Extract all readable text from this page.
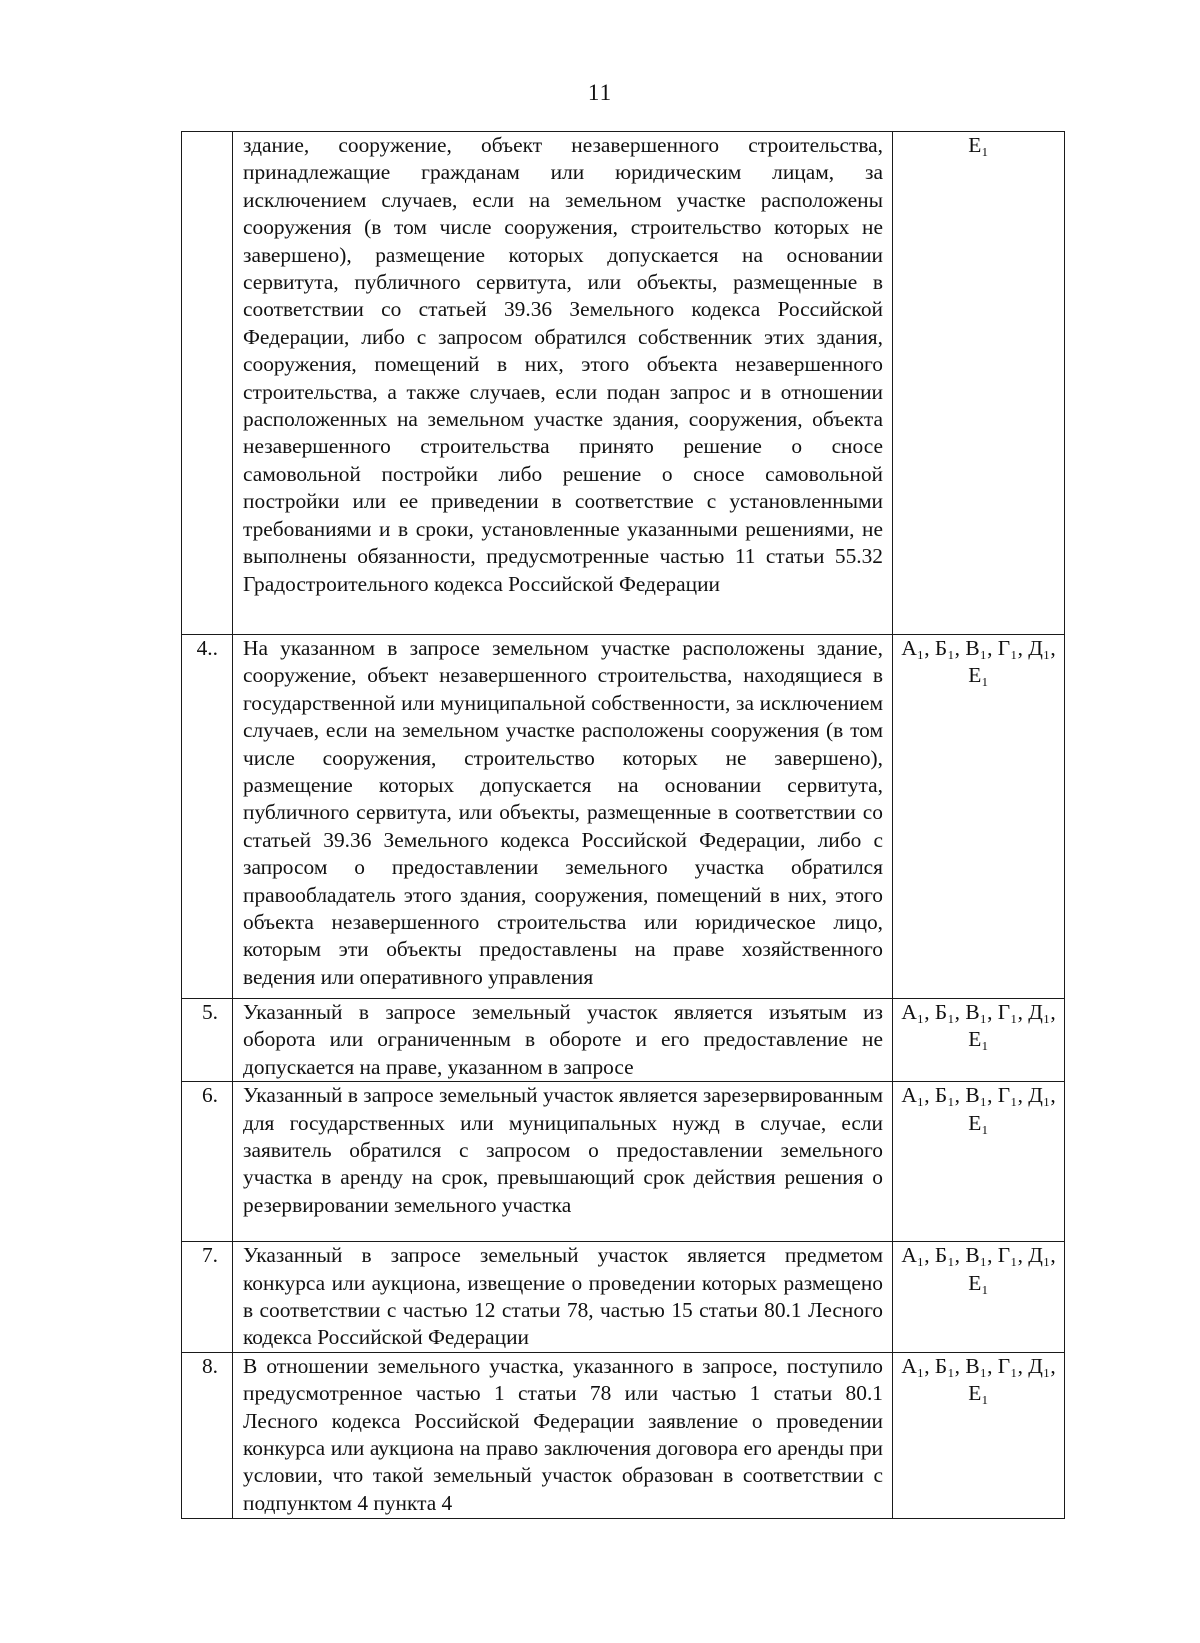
11
	здание, сооружение, объект незавершенного строительства, принадлежащие гражданам или юридическим лицам, за исключением случаев, если на земельном участке расположены сооружения (в том числе сооружения, строительство которых не завершено), размещение которых допускается на основании сервитута, публичного сервитута, или объекты, размещенные в соответствии со статьей 39.36 Земельного кодекса Российской Федерации, либо с запросом обратился собственник этих здания, сооружения, помещений в них, этого объекта незавершенного строительства, а также случаев, если подан запрос и в отношении расположенных на земельном участке здания, сооружения, объекта незавершенного строительства принято решение о сносе самовольной постройки либо решение о сносе самовольной постройки или ее приведении в соответствие с установленными требованиями и в сроки, установленные указанными решениями, не выполнены обязанности, предусмотренные частью 11 статьи 55.32 Градостроительного кодекса Российской Федерации	Е₁

4..	На указанном в запросе земельном участке расположены здание, сооружение, объект незавершенного строительства, находящиеся в государственной или муниципальной собственности, за исключением случаев, если на земельном участке расположены сооружения (в том числе сооружения, строительство которых не завершено), размещение которых допускается на основании сервитута, публичного сервитута, или объекты, размещенные в соответствии со статьей 39.36 Земельного кодекса Российской Федерации, либо с запросом о предоставлении земельного участка обратился правообладатель этого здания, сооружения, помещений в них, этого объекта незавершенного строительства или юридическое лицо, которым эти объекты предоставлены на праве хозяйственного ведения или оперативного управления	А₁, Б₁, В₁, Г₁, Д₁,
Е₁

5.	Указанный в запросе земельный участок является изъятым из оборота или ограниченным в обороте и его предоставление не допускается на праве, указанном в запросе	А₁, Б₁, В₁, Г₁, Д₁,
Е₁

6.	Указанный в запросе земельный участок является зарезервированным для государственных или муниципальных нужд в случае, если заявитель обратился с запросом о предоставлении земельного участка в аренду на срок, превышающий срок действия решения о резервировании земельного участка	А₁, Б₁, В₁, Г₁, Д₁,
Е₁

7.	Указанный в запросе земельный участок является предметом конкурса или аукциона, извещение о проведении которых размещено в соответствии с частью 12 статьи 78, частью 15 статьи 80.1 Лесного кодекса Российской Федерации	А₁, Б₁, В₁, Г₁, Д₁,
Е₁

8.	В отношении земельного участка, указанного в запросе, поступило предусмотренное частью 1 статьи 78 или частью 1 статьи 80.1 Лесного кодекса Российской Федерации заявление о проведении конкурса или аукциона на право заключения договора его аренды при условии, что такой земельный участок образован в соответствии с подпунктом 4 пункта 4	А₁, Б₁, В₁, Г₁, Д₁,
Е₁
